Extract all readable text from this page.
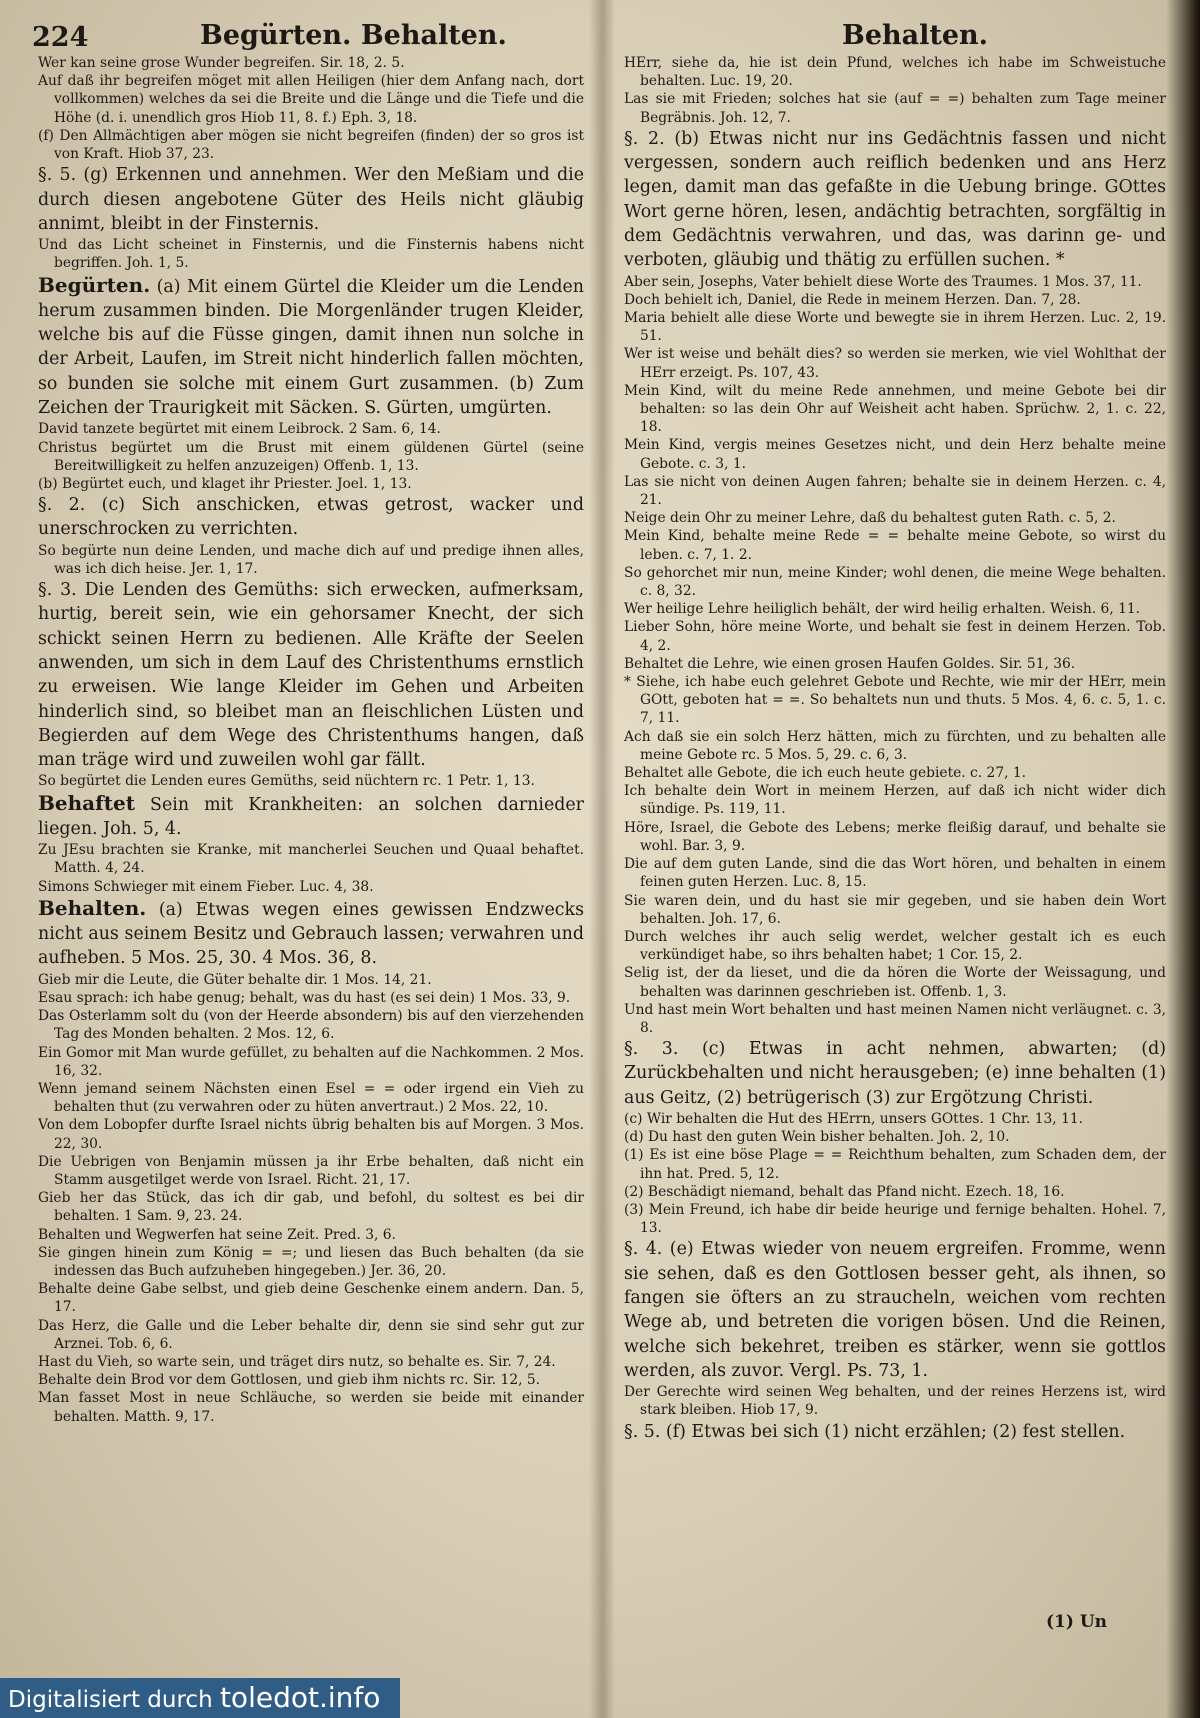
224	Begürten. Behalten.	Behalten.

Wer kan seine grose Wunder begreifen. Sir. 18, 2. 5.

Auf daß ihr begreifen möget mit allen Heiligen (hier dem Anfang nach, dort vollkommen) welches da sei die Breite und die Länge und die Tiefe und die Höhe (d. i. unendlich gros Hiob 11, 8. f.) Eph. 3, 18.

(f) Den Allmächtigen aber mögen sie nicht begreifen (finden) der so gros ist von Kraft. Hiob 37, 23.

§. 5. (g) Erkennen und annehmen. Wer den Meßiam und die durch diesen angebotene Güter des Heils nicht gläubig annimt, bleibt in der Finsternis.

Und das Licht scheinet in Finsternis, und die Finsternis habens nicht begriffen. Joh. 1, 5.

Begürten. (a) Mit einem Gürtel die Kleider um die Lenden herum zusammen binden. Die Morgenländer trugen Kleider, welche bis auf die Füsse gingen, damit ihnen nun solche in der Arbeit, Laufen, im Streit nicht hinderlich fallen möchten, so bunden sie solche mit einem Gurt zusammen. (b) Zum Zeichen der Traurigkeit mit Säcken. S. Gürten, umgürten.

David tanzete begürtet mit einem Leibrock. 2 Sam. 6, 14.

Christus begürtet um die Brust mit einem güldenen Gürtel (seine Bereitwilligkeit zu helfen anzuzeigen) Offenb. 1, 13.

(b) Begürtet euch, und klaget ihr Priester. Joel. 1, 13.

§. 2. (c) Sich anschicken, etwas getrost, wacker und unerschrocken zu verrichten.

So begürte nun deine Lenden, und mache dich auf und predige ihnen alles, was ich dich heise. Jer. 1, 17.

§. 3. Die Lenden des Gemüths: sich erwecken, aufmerksam, hurtig, bereit sein, wie ein gehorsamer Knecht, der sich schickt seinen Herrn zu bedienen. Alle Kräfte der Seelen anwenden, um sich in dem Lauf des Christenthums ernstlich zu erweisen. Wie lange Kleider im Gehen und Arbeiten hinderlich sind, so bleibet man an fleischlichen Lüsten und Begierden auf dem Wege des Christenthums hangen, daß man träge wird und zuweilen wohl gar fällt.

So begürtet die Lenden eures Gemüths, seid nüchtern rc. 1 Petr. 1, 13.

Behaftet Sein mit Krankheiten: an solchen darnieder liegen. Joh. 5, 4.

Zu JEsu brachten sie Kranke, mit mancherlei Seuchen und Quaal behaftet. Matth. 4, 24.

Simons Schwieger mit einem Fieber. Luc. 4, 38.

Behalten. (a) Etwas wegen eines gewissen Endzwecks nicht aus seinem Besitz und Gebrauch lassen; verwahren und aufheben. 5 Mos. 25, 30. 4 Mos. 36, 8.

Gieb mir die Leute, die Güter behalte dir. 1 Mos. 14, 21.

Esau sprach: ich habe genug; behalt, was du hast (es sei dein) 1 Mos. 33, 9.

Das Osterlamm solt du (von der Heerde absondern) bis auf den vierzehenden Tag des Monden behalten. 2 Mos. 12, 6.

Ein Gomor mit Man wurde gefüllet, zu behalten auf die Nachkommen. 2 Mos. 16, 32.

Wenn jemand seinem Nächsten einen Esel = = oder irgend ein Vieh zu behalten thut (zu verwahren oder zu hüten anvertraut.) 2 Mos. 22, 10.

Von dem Lobopfer durfte Israel nichts übrig behalten bis auf Morgen. 3 Mos. 22, 30.

Die Uebrigen von Benjamin müssen ja ihr Erbe behalten, daß nicht ein Stamm ausgetilget werde von Israel. Richt. 21, 17.

Gieb her das Stück, das ich dir gab, und befohl, du soltest es bei dir behalten. 1 Sam. 9, 23. 24.

Behalten und Wegwerfen hat seine Zeit. Pred. 3, 6.

Sie gingen hinein zum König = =; und liesen das Buch behalten (da sie indessen das Buch aufzuheben hingegeben.) Jer. 36, 20.

Behalte deine Gabe selbst, und gieb deine Geschenke einem andern. Dan. 5, 17.

Das Herz, die Galle und die Leber behalte dir, denn sie sind sehr gut zur Arznei. Tob. 6, 6.

Hast du Vieh, so warte sein, und träget dirs nutz, so behalte es. Sir. 7, 24.

Behalte dein Brod vor dem Gottlosen, und gieb ihm nichts rc. Sir. 12, 5.

Man fasset Most in neue Schläuche, so werden sie beide mit einander behalten. Matth. 9, 17.

HErr, siehe da, hie ist dein Pfund, welches ich habe im Schweistuche behalten. Luc. 19, 20.

Las sie mit Frieden; solches hat sie (auf = =) behalten zum Tage meiner Begräbnis. Joh. 12, 7.

§. 2. (b) Etwas nicht nur ins Gedächtnis fassen und nicht vergessen, sondern auch reiflich bedenken und ans Herz legen, damit man das gefaßte in die Uebung bringe. GOttes Wort gerne hören, lesen, andächtig betrachten, sorgfältig in dem Gedächtnis verwahren, und das, was darinn ge- und verboten, gläubig und thätig zu erfüllen suchen. *

Aber sein, Josephs, Vater behielt diese Worte des Traumes. 1 Mos. 37, 11.

Doch behielt ich, Daniel, die Rede in meinem Herzen. Dan. 7, 28.

Maria behielt alle diese Worte und bewegte sie in ihrem Herzen. Luc. 2, 19. 51.

Wer ist weise und behält dies? so werden sie merken, wie viel Wohlthat der HErr erzeigt. Ps. 107, 43.

Mein Kind, wilt du meine Rede annehmen, und meine Gebote bei dir behalten: so las dein Ohr auf Weisheit acht haben. Sprüchw. 2, 1. c. 22, 18.

Mein Kind, vergis meines Gesetzes nicht, und dein Herz behalte meine Gebote. c. 3, 1.

Las sie nicht von deinen Augen fahren; behalte sie in deinem Herzen. c. 4, 21.

Neige dein Ohr zu meiner Lehre, daß du behaltest guten Rath. c. 5, 2.

Mein Kind, behalte meine Rede = = behalte meine Gebote, so wirst du leben. c. 7, 1. 2.

So gehorchet mir nun, meine Kinder; wohl denen, die meine Wege behalten. c. 8, 32.

Wer heilige Lehre heiliglich behält, der wird heilig erhalten. Weish. 6, 11.

Lieber Sohn, höre meine Worte, und behalt sie fest in deinem Herzen. Tob. 4, 2.

Behaltet die Lehre, wie einen grosen Haufen Goldes. Sir. 51, 36.

* Siehe, ich habe euch gelehret Gebote und Rechte, wie mir der HErr, mein GOtt, geboten hat = =. So behaltets nun und thuts. 5 Mos. 4, 6. c. 5, 1. c. 7, 11.

Ach daß sie ein solch Herz hätten, mich zu fürchten, und zu behalten alle meine Gebote rc. 5 Mos. 5, 29. c. 6, 3.

Behaltet alle Gebote, die ich euch heute gebiete. c. 27, 1.

Ich behalte dein Wort in meinem Herzen, auf daß ich nicht wider dich sündige. Ps. 119, 11.

Höre, Israel, die Gebote des Lebens; merke fleißig darauf, und behalte sie wohl. Bar. 3, 9.

Die auf dem guten Lande, sind die das Wort hören, und behalten in einem feinen guten Herzen. Luc. 8, 15.

Sie waren dein, und du hast sie mir gegeben, und sie haben dein Wort behalten. Joh. 17, 6.

Durch welches ihr auch selig werdet, welcher gestalt ich es euch verkündiget habe, so ihrs behalten habet; 1 Cor. 15, 2.

Selig ist, der da lieset, und die da hören die Worte der Weissagung, und behalten was darinnen geschrieben ist. Offenb. 1, 3.

Und hast mein Wort behalten und hast meinen Namen nicht verläugnet. c. 3, 8.

§. 3. (c) Etwas in acht nehmen, abwarten; (d) Zurückbehalten und nicht herausgeben; (e) inne behalten (1) aus Geitz, (2) betrügerisch (3) zur Ergötzung Christi.

(c) Wir behalten die Hut des HErrn, unsers GOttes. 1 Chr. 13, 11.

(d) Du hast den guten Wein bisher behalten. Joh. 2, 10.

(1) Es ist eine böse Plage = = Reichthum behalten, zum Schaden dem, der ihn hat. Pred. 5, 12.

(2) Beschädigt niemand, behalt das Pfand nicht. Ezech. 18, 16.

(3) Mein Freund, ich habe dir beide heurige und fernige behalten. Hohel. 7, 13.

§. 4. (e) Etwas wieder von neuem ergreifen. Fromme, wenn sie sehen, daß es den Gottlosen besser geht, als ihnen, so fangen sie öfters an zu straucheln, weichen vom rechten Wege ab, und betreten die vorigen bösen. Und die Reinen, welche sich bekehret, treiben es stärker, wenn sie gottlos werden, als zuvor. Vergl. Ps. 73, 1.

Der Gerechte wird seinen Weg behalten, und der reines Herzens ist, wird stark bleiben. Hiob 17, 9.

§. 5. (f) Etwas bei sich (1) nicht erzählen; (2) fest stellen.

(1) Un
Digitalisiert durch toledot.info
